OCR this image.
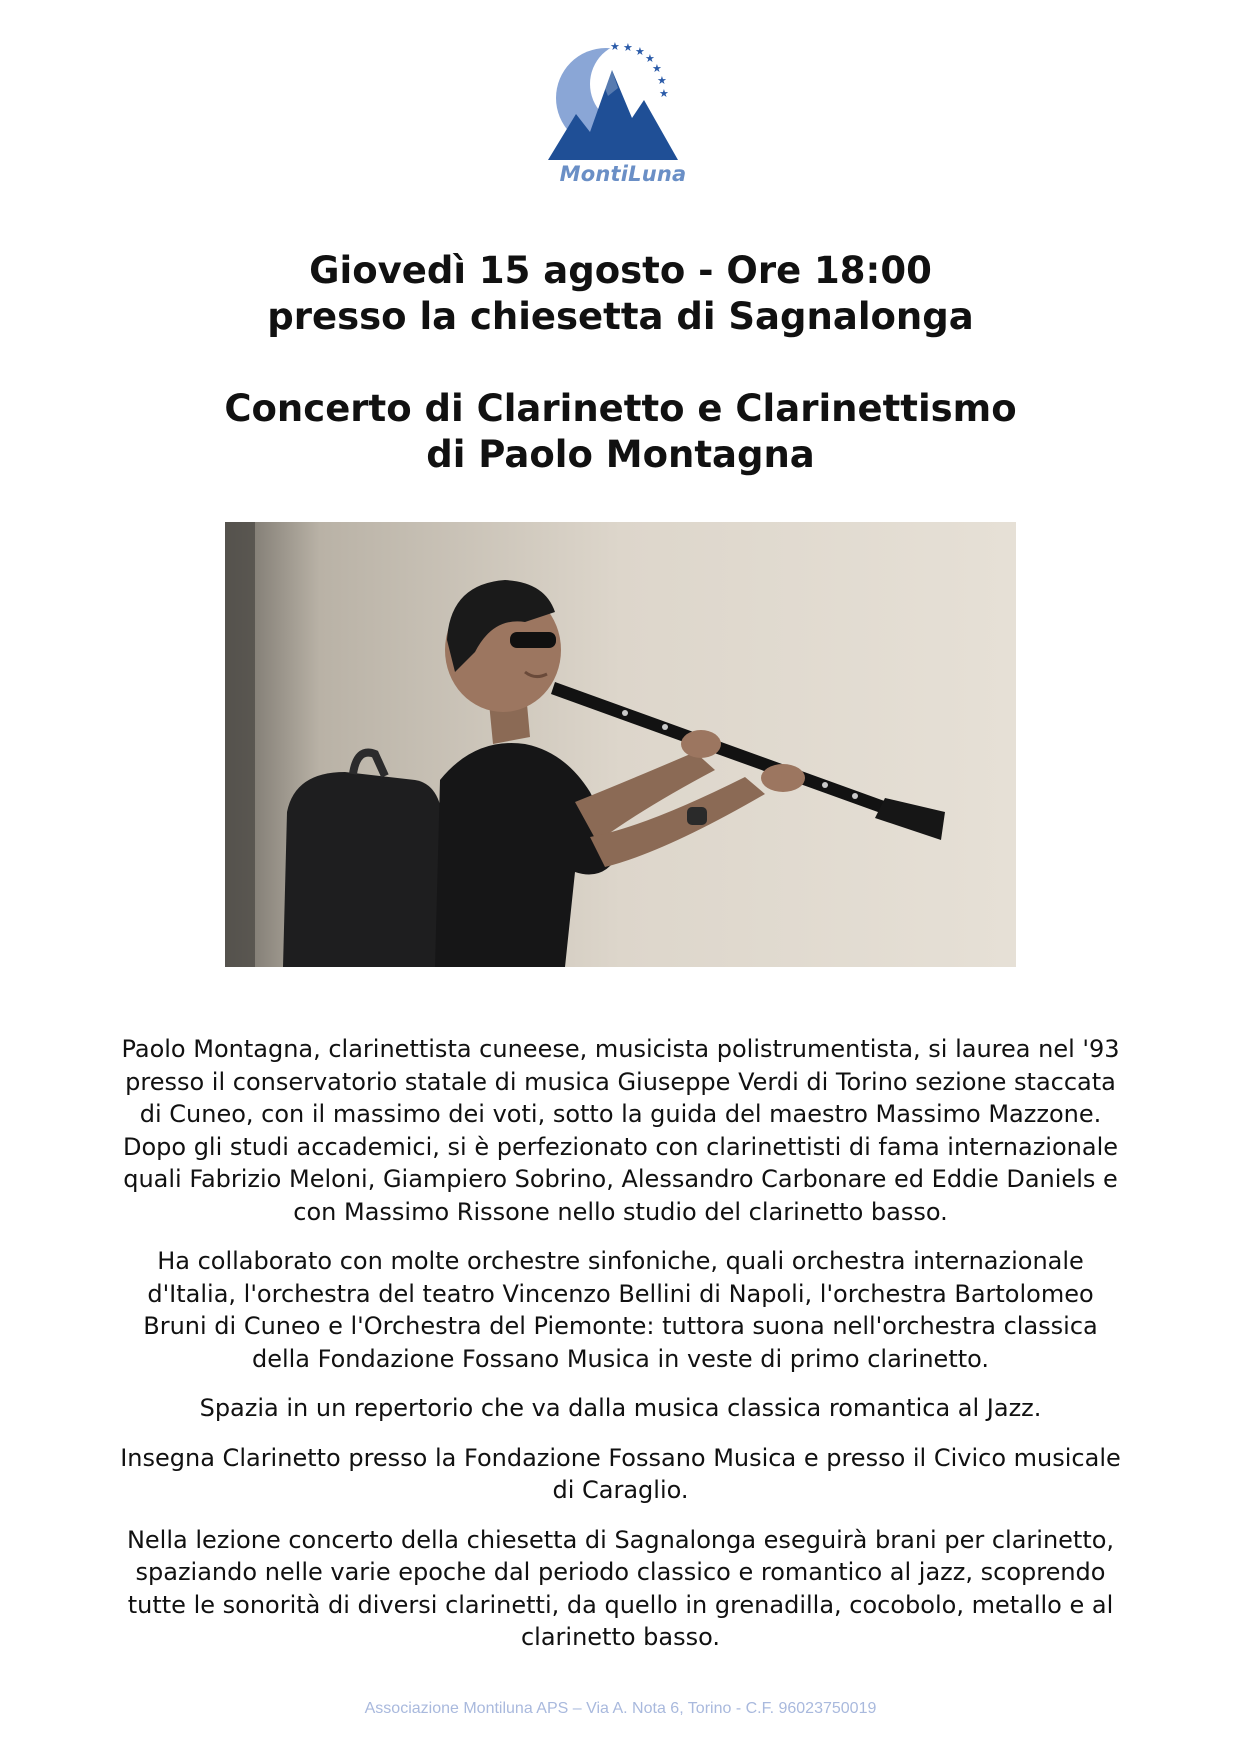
★ ★ ★
★
★
★
★
MontiLuna
Giovedì 15 agosto - Ore 18:00
presso la chiesetta di Sagnalonga
Concerto di Clarinetto e Clarinettismo
di Paolo Montagna

Paolo Montagna, clarinettista cuneese, musicista polistrumentista, si laurea nel '93 presso il conservatorio statale di musica Giuseppe Verdi di Torino sezione staccata di Cuneo, con il massimo dei voti, sotto la guida del maestro Massimo Mazzone. Dopo gli studi accademici, si è perfezionato con clarinettisti di fama internazionale quali Fabrizio Meloni, Giampiero Sobrino, Alessandro Carbonare ed Eddie Daniels e con Massimo Rissone nello studio del clarinetto basso.

Ha collaborato con molte orchestre sinfoniche, quali orchestra internazionale d'Italia, l'orchestra del teatro Vincenzo Bellini di Napoli, l'orchestra Bartolomeo Bruni di Cuneo e l'Orchestra del Piemonte: tuttora suona nell'orchestra classica della Fondazione Fossano Musica in veste di primo clarinetto.

Spazia in un repertorio che va dalla musica classica romantica al Jazz.

Insegna Clarinetto presso la Fondazione Fossano Musica e presso il Civico musicale di Caraglio.

Nella lezione concerto della chiesetta di Sagnalonga eseguirà brani per clarinetto, spaziando nelle varie epoche dal periodo classico e romantico al jazz, scoprendo tutte le sonorità di diversi clarinetti, da quello in grenadilla, cocobolo, metallo e al clarinetto basso.

Associazione Montiluna APS – Via A. Nota 6, Torino - C.F. 96023750019
